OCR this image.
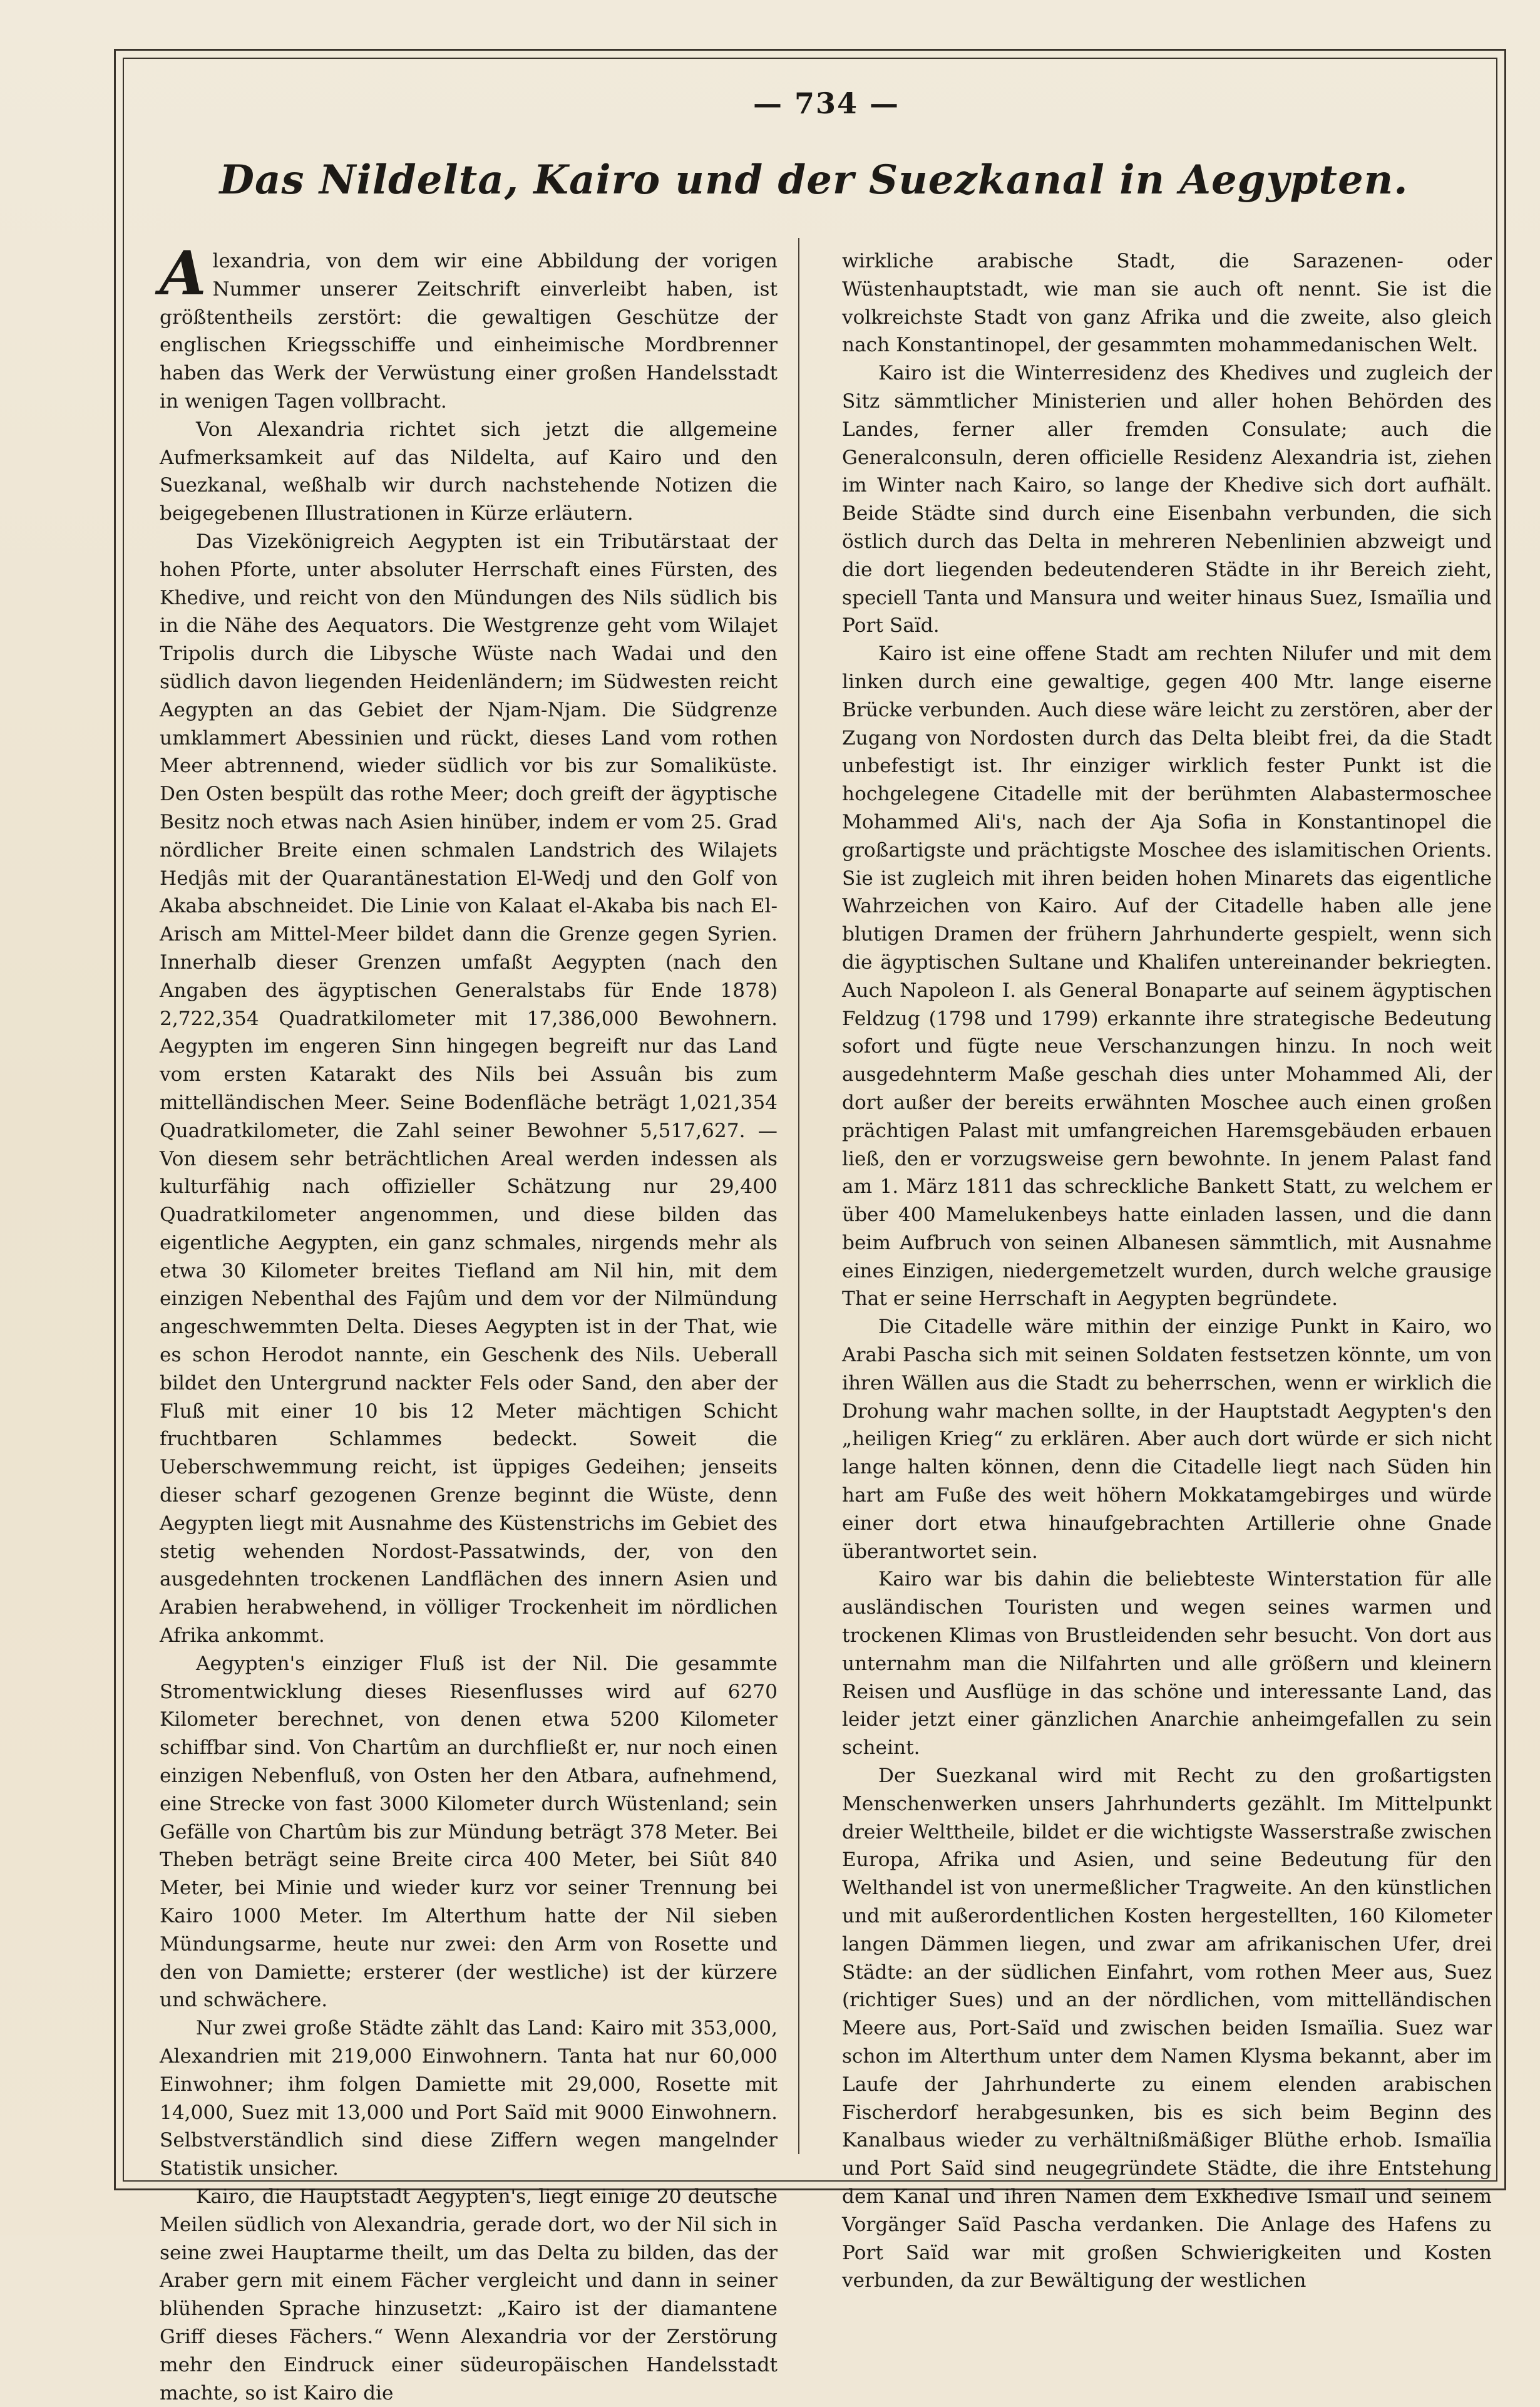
— 734 —
Das Nildelta, Kairo und der Suezkanal in Aegypten.

Alexandria, von dem wir eine Abbildung der vorigen Nummer unserer Zeitschrift einverleibt haben, ist größtentheils zerstört: die gewaltigen Geschütze der englischen Kriegsschiffe und einheimische Mordbrenner haben das Werk der Verwüstung einer großen Handelsstadt in wenigen Tagen vollbracht.

Von Alexandria richtet sich jetzt die allgemeine Aufmerksamkeit auf das Nildelta, auf Kairo und den Suezkanal, weßhalb wir durch nachstehende Notizen die beigegebenen Illustrationen in Kürze erläutern.

Das Vizekönigreich Aegypten ist ein Tributärstaat der hohen Pforte, unter absoluter Herrschaft eines Fürsten, des Khedive, und reicht von den Mündungen des Nils südlich bis in die Nähe des Aequators. Die Westgrenze geht vom Wilajet Tripolis durch die Libysche Wüste nach Wadai und den südlich davon liegenden Heidenländern; im Südwesten reicht Aegypten an das Gebiet der Njam-Njam. Die Südgrenze umklammert Abessinien und rückt, dieses Land vom rothen Meer abtrennend, wieder südlich vor bis zur Somaliküste. Den Osten bespült das rothe Meer; doch greift der ägyptische Besitz noch etwas nach Asien hinüber, indem er vom 25. Grad nördlicher Breite einen schmalen Landstrich des Wilajets Hedjâs mit der Quarantänestation El-Wedj und den Golf von Akaba abschneidet. Die Linie von Kalaat el-Akaba bis nach El-Arisch am Mittel-Meer bildet dann die Grenze gegen Syrien. Innerhalb dieser Grenzen umfaßt Aegypten (nach den Angaben des ägyptischen Generalstabs für Ende 1878) 2,722,354 Quadratkilometer mit 17,386,000 Bewohnern. Aegypten im engeren Sinn hingegen begreift nur das Land vom ersten Katarakt des Nils bei Assuân bis zum mittelländischen Meer. Seine Bodenfläche beträgt 1,021,354 Quadratkilometer, die Zahl seiner Bewohner 5,517,627. — Von diesem sehr beträchtlichen Areal werden indessen als kulturfähig nach offizieller Schätzung nur 29,400 Quadratkilometer angenommen, und diese bilden das eigentliche Aegypten, ein ganz schmales, nirgends mehr als etwa 30 Kilometer breites Tiefland am Nil hin, mit dem einzigen Nebenthal des Fajûm und dem vor der Nilmündung angeschwemmten Delta. Dieses Aegypten ist in der That, wie es schon Herodot nannte, ein Geschenk des Nils. Ueberall bildet den Untergrund nackter Fels oder Sand, den aber der Fluß mit einer 10 bis 12 Meter mächtigen Schicht fruchtbaren Schlammes bedeckt. Soweit die Ueberschwemmung reicht, ist üppiges Gedeihen; jenseits dieser scharf gezogenen Grenze beginnt die Wüste, denn Aegypten liegt mit Ausnahme des Küstenstrichs im Gebiet des stetig wehenden Nordost-Passatwinds, der, von den ausgedehnten trockenen Landflächen des innern Asien und Arabien herabwehend, in völliger Trockenheit im nördlichen Afrika ankommt.

Aegypten's einziger Fluß ist der Nil. Die gesammte Stromentwicklung dieses Riesenflusses wird auf 6270 Kilometer berechnet, von denen etwa 5200 Kilometer schiffbar sind. Von Chartûm an durchfließt er, nur noch einen einzigen Nebenfluß, von Osten her den Atbara, aufnehmend, eine Strecke von fast 3000 Kilometer durch Wüstenland; sein Gefälle von Chartûm bis zur Mündung beträgt 378 Meter. Bei Theben beträgt seine Breite circa 400 Meter, bei Siût 840 Meter, bei Minie und wieder kurz vor seiner Trennung bei Kairo 1000 Meter. Im Alterthum hatte der Nil sieben Mündungsarme, heute nur zwei: den Arm von Rosette und den von Damiette; ersterer (der westliche) ist der kürzere und schwächere.

Nur zwei große Städte zählt das Land: Kairo mit 353,000, Alexandrien mit 219,000 Einwohnern. Tanta hat nur 60,000 Einwohner; ihm folgen Damiette mit 29,000, Rosette mit 14,000, Suez mit 13,000 und Port Saïd mit 9000 Einwohnern. Selbstverständlich sind diese Ziffern wegen mangelnder Statistik unsicher.

Kairo, die Hauptstadt Aegypten's, liegt einige 20 deutsche Meilen südlich von Alexandria, gerade dort, wo der Nil sich in seine zwei Hauptarme theilt, um das Delta zu bilden, das der Araber gern mit einem Fächer vergleicht und dann in seiner blühenden Sprache hinzusetzt: „Kairo ist der diamantene Griff dieses Fächers.“ Wenn Alexandria vor der Zerstörung mehr den Eindruck einer südeuropäischen Handelsstadt machte, so ist Kairo die

wirkliche arabische Stadt, die Sarazenen- oder Wüstenhauptstadt, wie man sie auch oft nennt. Sie ist die volkreichste Stadt von ganz Afrika und die zweite, also gleich nach Konstantinopel, der gesammten mohammedanischen Welt.

Kairo ist die Winterresidenz des Khedives und zugleich der Sitz sämmtlicher Ministerien und aller hohen Behörden des Landes, ferner aller fremden Consulate; auch die Generalconsuln, deren officielle Residenz Alexandria ist, ziehen im Winter nach Kairo, so lange der Khedive sich dort aufhält. Beide Städte sind durch eine Eisenbahn verbunden, die sich östlich durch das Delta in mehreren Nebenlinien abzweigt und die dort liegenden bedeutenderen Städte in ihr Bereich zieht, speciell Tanta und Mansura und weiter hinaus Suez, Ismaïlia und Port Saïd.

Kairo ist eine offene Stadt am rechten Nilufer und mit dem linken durch eine gewaltige, gegen 400 Mtr. lange eiserne Brücke verbunden. Auch diese wäre leicht zu zerstören, aber der Zugang von Nordosten durch das Delta bleibt frei, da die Stadt unbefestigt ist. Ihr einziger wirklich fester Punkt ist die hochgelegene Citadelle mit der berühmten Alabastermoschee Mohammed Ali's, nach der Aja Sofia in Konstantinopel die großartigste und prächtigste Moschee des islamitischen Orients. Sie ist zugleich mit ihren beiden hohen Minarets das eigentliche Wahrzeichen von Kairo. Auf der Citadelle haben alle jene blutigen Dramen der frühern Jahrhunderte gespielt, wenn sich die ägyptischen Sultane und Khalifen untereinander bekriegten. Auch Napoleon I. als General Bonaparte auf seinem ägyptischen Feldzug (1798 und 1799) erkannte ihre strategische Bedeutung sofort und fügte neue Verschanzungen hinzu. In noch weit ausgedehnterm Maße geschah dies unter Mohammed Ali, der dort außer der bereits erwähnten Moschee auch einen großen prächtigen Palast mit umfangreichen Haremsgebäuden erbauen ließ, den er vorzugsweise gern bewohnte. In jenem Palast fand am 1. März 1811 das schreckliche Bankett Statt, zu welchem er über 400 Mamelukenbeys hatte einladen lassen, und die dann beim Aufbruch von seinen Albanesen sämmtlich, mit Ausnahme eines Einzigen, niedergemetzelt wurden, durch welche grausige That er seine Herrschaft in Aegypten begründete.

Die Citadelle wäre mithin der einzige Punkt in Kairo, wo Arabi Pascha sich mit seinen Soldaten festsetzen könnte, um von ihren Wällen aus die Stadt zu beherrschen, wenn er wirklich die Drohung wahr machen sollte, in der Hauptstadt Aegypten's den „heiligen Krieg“ zu erklären. Aber auch dort würde er sich nicht lange halten können, denn die Citadelle liegt nach Süden hin hart am Fuße des weit höhern Mokkatamgebirges und würde einer dort etwa hinaufgebrachten Artillerie ohne Gnade überantwortet sein.

Kairo war bis dahin die beliebteste Winterstation für alle ausländischen Touristen und wegen seines warmen und trockenen Klimas von Brustleidenden sehr besucht. Von dort aus unternahm man die Nilfahrten und alle größern und kleinern Reisen und Ausflüge in das schöne und interessante Land, das leider jetzt einer gänzlichen Anarchie anheimgefallen zu sein scheint.

Der Suezkanal wird mit Recht zu den großartigsten Menschenwerken unsers Jahrhunderts gezählt. Im Mittelpunkt dreier Welttheile, bildet er die wichtigste Wasserstraße zwischen Europa, Afrika und Asien, und seine Bedeutung für den Welthandel ist von unermeßlicher Tragweite. An den künstlichen und mit außerordentlichen Kosten hergestellten, 160 Kilometer langen Dämmen liegen, und zwar am afrikanischen Ufer, drei Städte: an der südlichen Einfahrt, vom rothen Meer aus, Suez (richtiger Sues) und an der nördlichen, vom mittelländischen Meere aus, Port-Saïd und zwischen beiden Ismaïlia. Suez war schon im Alterthum unter dem Namen Klysma bekannt, aber im Laufe der Jahrhunderte zu einem elenden arabischen Fischerdorf herabgesunken, bis es sich beim Beginn des Kanalbaus wieder zu verhältnißmäßiger Blüthe erhob. Ismaïlia und Port Saïd sind neugegründete Städte, die ihre Entstehung dem Kanal und ihren Namen dem Exkhedive Ismaïl und seinem Vorgänger Saïd Pascha verdanken. Die Anlage des Hafens zu Port Saïd war mit großen Schwierigkeiten und Kosten verbunden, da zur Bewältigung der westlichen
